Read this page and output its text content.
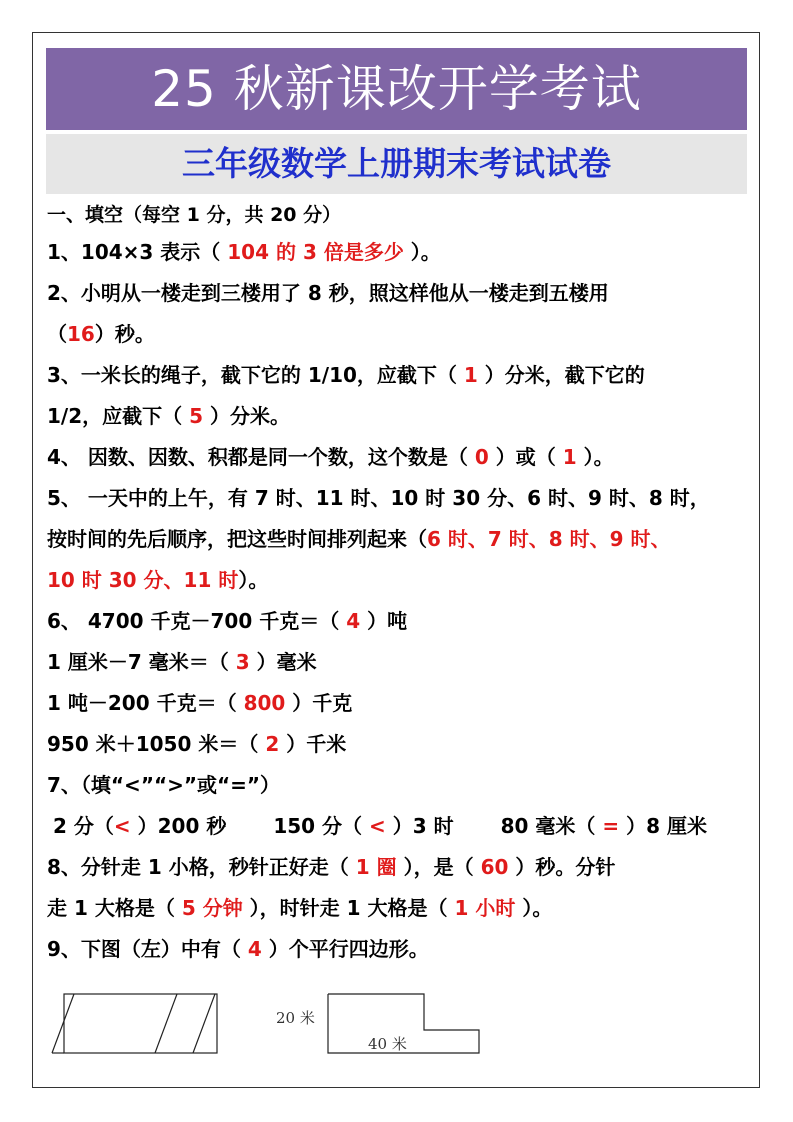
25 秋新课改开学考试
三年级数学上册期末考试试卷
一、填空（每空 1 分，共 20 分）
1、104×3 表示（ 104 的 3 倍是多少 ）。
2、小明从一楼走到三楼用了 8 秒，照这样他从一楼走到五楼用
（16）秒。
3、一米长的绳子，截下它的 1/10，应截下（ 1 ）分米，截下它的
1/2，应截下（ 5 ）分米。
4、 因数、因数、积都是同一个数，这个数是（ 0 ）或（ 1 ）。
5、 一天中的上午，有 7 时、11 时、10 时 30 分、6 时、9 时、8 时，
按时间的先后顺序，把这些时间排列起来（6 时、7 时、8 时、9 时、
10 时 30 分、11 时）。
6、 4700 千克－700 千克＝（ 4 ）吨
1 厘米－7 毫米＝（ 3 ）毫米
1 吨－200 千克＝（ 800 ）千克
950 米＋1050 米＝（ 2 ）千米
7、（填“<”“>”或“=”）
2 分（< ）200 秒 150 分（ < ）3 时 80 毫米（ = ）8 厘米
8、分针走 1 小格，秒针正好走（ 1 圈 ），是（ 60 ）秒。分针
走 1 大格是（ 5 分钟 ），时针走 1 大格是（ 1 小时 ）。
9、下图（左）中有（ 4 ）个平行四边形。
20 米
40 米
